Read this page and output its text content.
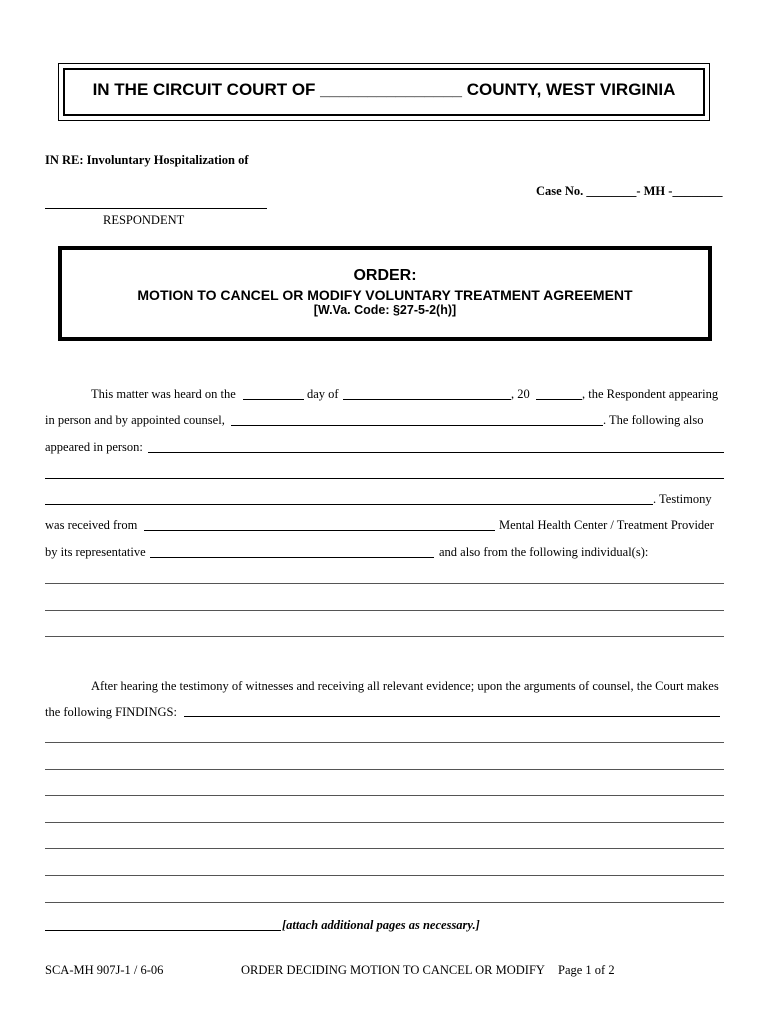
IN THE CIRCUIT COURT OF _______________ COUNTY, WEST VIRGINIA
IN RE: Involuntary Hospitalization of
Case No. ________- MH -________
RESPONDENT
ORDER:
MOTION TO CANCEL OR MODIFY VOLUNTARY TREATMENT AGREEMENT
[W.Va. Code: §27-5-2(h)]
This matter was heard on the	day of	, 20	, the Respondent appearing
in person and by appointed counsel,	. The following also
appeared in person:
. Testimony
was received from	Mental Health Center / Treatment Provider
by its representative	and also from the following individual(s):
After hearing the testimony of witnesses and receiving all relevant evidence; upon the arguments of counsel, the Court makes
the following FINDINGS:
[attach additional pages as necessary.]
SCA-MH 907J-1 / 6-06	ORDER DECIDING MOTION TO CANCEL OR MODIFY Page 1 of 2
